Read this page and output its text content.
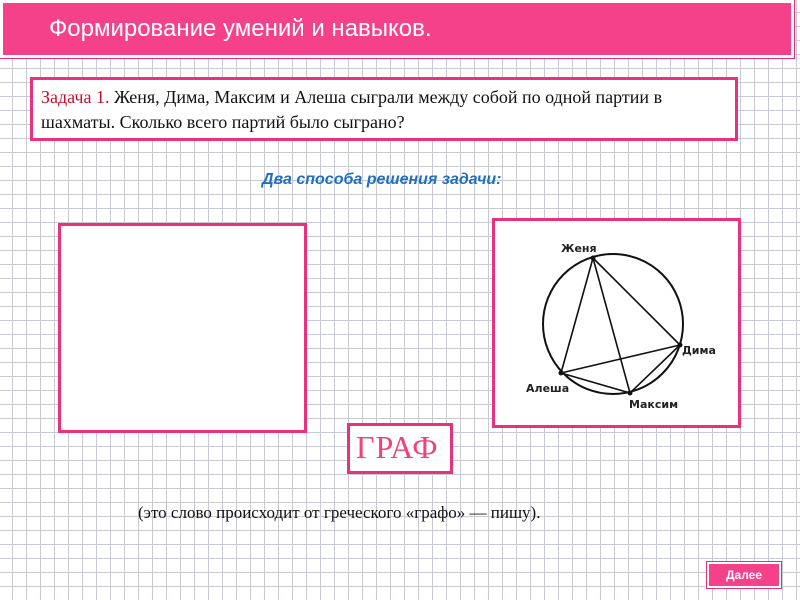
Формирование умений и навыков.
Задача 1. Женя, Дима, Максим и Алеша сыграли между собой по одной партии в шахматы. Сколько всего партий было сыграно?
Два способа решения задачи:
Женя
Дима
Максим
Алеша
ГРАФ
(это слово происходит от греческого «графо» — пишу).
Далее
